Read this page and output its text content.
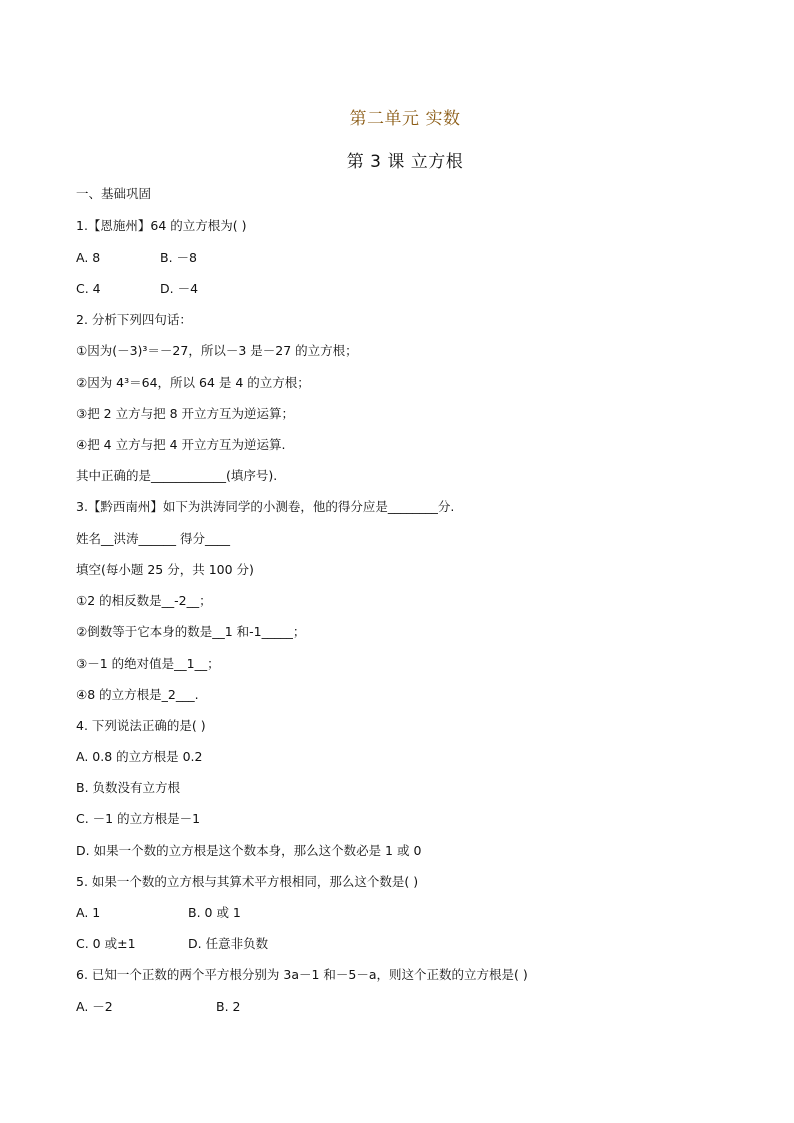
第二单元 实数
第 3 课 立方根
一、基础巩固
1.【恩施州】64 的立方根为( )
A. 8	B. －8
C. 4	D. －4
2. 分析下列四句话：
①因为(－3)³＝－27，所以－3 是－27 的立方根；
②因为 4³＝64，所以 64 是 4 的立方根；
③把 2 立方与把 8 开立方互为逆运算；
④把 4 立方与把 4 开立方互为逆运算.
其中正确的是____________(填序号).
3.【黔西南州】如下为洪涛同学的小测卷，他的得分应是________分.
姓名__洪涛______ 得分____
填空(每小题 25 分，共 100 分)
①2 的相反数是__-2__；
②倒数等于它本身的数是__1 和-1_____；
③－1 的绝对值是__1__；
④8 的立方根是_2___.
4. 下列说法正确的是( )
A. 0.8 的立方根是 0.2
B. 负数没有立方根
C. －1 的立方根是－1
D. 如果一个数的立方根是这个数本身，那么这个数必是 1 或 0
5. 如果一个数的立方根与其算术平方根相同，那么这个数是( )
A. 1	B. 0 或 1
C. 0 或±1	D. 任意非负数
6. 已知一个正数的两个平方根分别为 3a－1 和－5－a，则这个正数的立方根是( )
A. －2	B. 2
